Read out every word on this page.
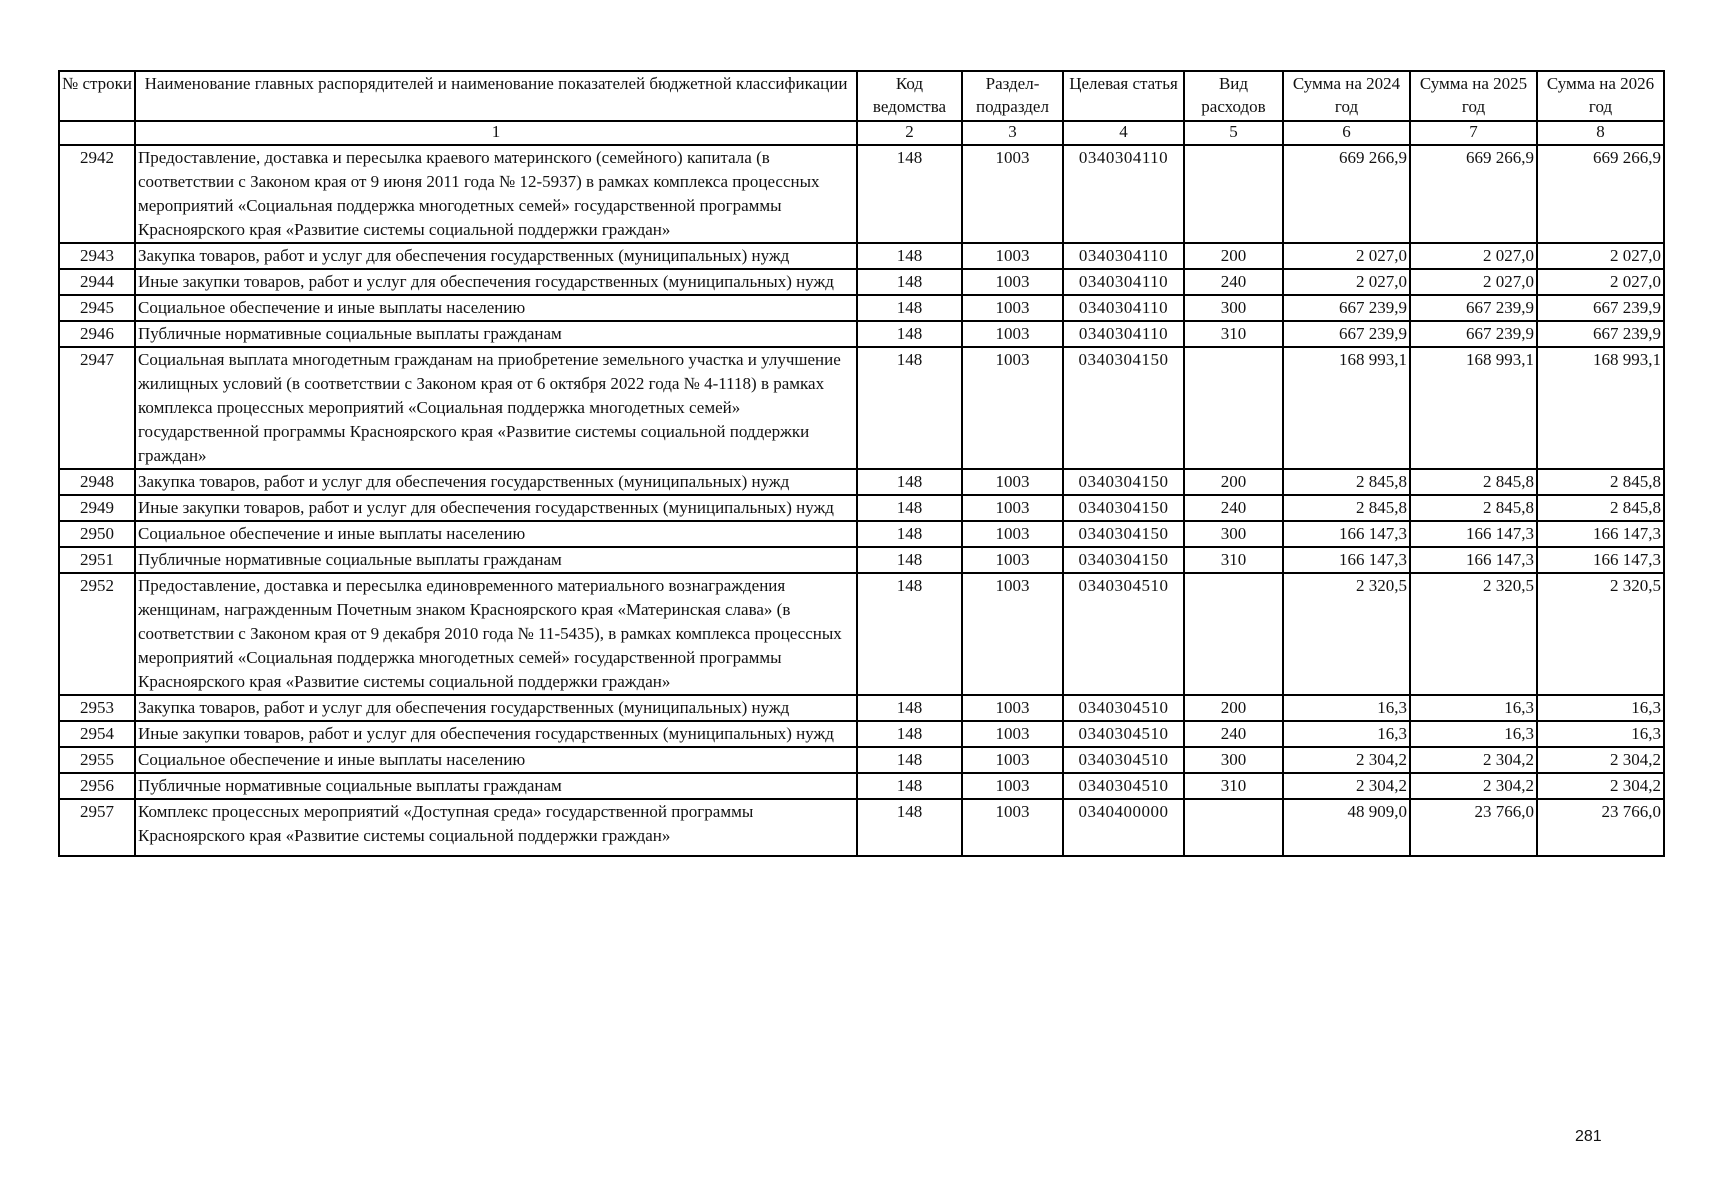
№ строки	Наименование главных распорядителей и наименование показателей бюджетной классификации	Код ведомства	Раздел-подраздел	Целевая статья	Вид расходов	Сумма на 2024 год	Сумма на 2025 год	Сумма на 2026 год
	1	2	3	4	5	6	7	8
2942	Предоставление, доставка и пересылка краевого материнского (семейного) капитала (в соответствии с Законом края от 9 июня 2011 года № 12-5937) в рамках комплекса процессных мероприятий «Социальная поддержка многодетных семей» государственной программы Красноярского края «Развитие системы социальной поддержки граждан»	148	1003	0340304110		669 266,9	669 266,9	669 266,9
2943	Закупка товаров, работ и услуг для обеспечения государственных (муниципальных) нужд	148	1003	0340304110	200	2 027,0	2 027,0	2 027,0
2944	Иные закупки товаров, работ и услуг для обеспечения государственных (муниципальных) нужд	148	1003	0340304110	240	2 027,0	2 027,0	2 027,0
2945	Социальное обеспечение и иные выплаты населению	148	1003	0340304110	300	667 239,9	667 239,9	667 239,9
2946	Публичные нормативные социальные выплаты гражданам	148	1003	0340304110	310	667 239,9	667 239,9	667 239,9
2947	Социальная выплата многодетным гражданам на приобретение земельного участка и улучшение жилищных условий (в соответствии с Законом края от 6 октября 2022 года № 4-1118) в рамках комплекса процессных мероприятий «Социальная поддержка многодетных семей» государственной программы Красноярского края «Развитие системы социальной поддержки граждан»	148	1003	0340304150		168 993,1	168 993,1	168 993,1
2948	Закупка товаров, работ и услуг для обеспечения государственных (муниципальных) нужд	148	1003	0340304150	200	2 845,8	2 845,8	2 845,8
2949	Иные закупки товаров, работ и услуг для обеспечения государственных (муниципальных) нужд	148	1003	0340304150	240	2 845,8	2 845,8	2 845,8
2950	Социальное обеспечение и иные выплаты населению	148	1003	0340304150	300	166 147,3	166 147,3	166 147,3
2951	Публичные нормативные социальные выплаты гражданам	148	1003	0340304150	310	166 147,3	166 147,3	166 147,3
2952	Предоставление, доставка и пересылка единовременного материального вознаграждения женщинам, награжденным Почетным знаком Красноярского края «Материнская слава» (в соответствии с Законом края от 9 декабря 2010 года № 11-5435), в рамках комплекса процессных мероприятий «Социальная поддержка многодетных семей» государственной программы Красноярского края «Развитие системы социальной поддержки граждан»	148	1003	0340304510		2 320,5	2 320,5	2 320,5
2953	Закупка товаров, работ и услуг для обеспечения государственных (муниципальных) нужд	148	1003	0340304510	200	16,3	16,3	16,3
2954	Иные закупки товаров, работ и услуг для обеспечения государственных (муниципальных) нужд	148	1003	0340304510	240	16,3	16,3	16,3
2955	Социальное обеспечение и иные выплаты населению	148	1003	0340304510	300	2 304,2	2 304,2	2 304,2
2956	Публичные нормативные социальные выплаты гражданам	148	1003	0340304510	310	2 304,2	2 304,2	2 304,2
2957	Комплекс процессных мероприятий «Доступная среда» государственной программы Красноярского края «Развитие системы социальной поддержки граждан»	148	1003	0340400000		48 909,0	23 766,0	23 766,0
281
